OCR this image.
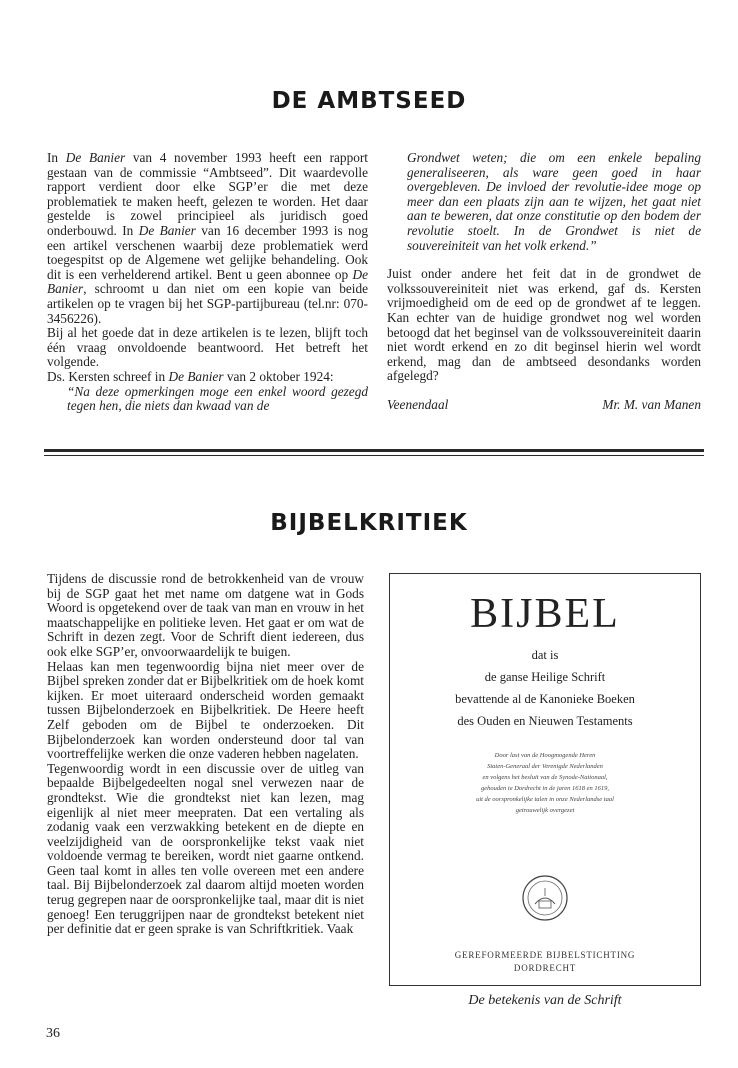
DE AMBTSEED

In De Banier van 4 november 1993 heeft een rapport gestaan van de commissie “Ambtseed”. Dit waardevolle rapport verdient door elke SGP’er die met deze problematiek te maken heeft, gelezen te worden. Het daar gestelde is zowel principieel als juridisch goed onderbouwd. In De Banier van 16 december 1993 is nog een artikel verschenen waarbij deze problematiek werd toegespitst op de Algemene wet gelijke behandeling. Ook dit is een verhelderend artikel. Bent u geen abonnee op De Banier, schroomt u dan niet om een kopie van beide artikelen op te vragen bij het SGP-partijbureau (tel.nr: 070-3456226).

Bij al het goede dat in deze artikelen is te lezen, blijft toch één vraag onvoldoende beantwoord. Het betreft het volgende.

Ds. Kersten schreef in De Banier van 2 oktober 1924:

“Na deze opmerkingen moge een enkel woord gezegd tegen hen, die niets dan kwaad van de

Grondwet weten; die om een enkele bepaling generaliseeren, als ware geen goed in haar overgebleven. De invloed der revolutie-idee moge op meer dan een plaats zijn aan te wijzen, het gaat niet aan te beweren, dat onze constitutie op den bodem der revolutie stoelt. In de Grondwet is niet de souvereiniteit van het volk erkend.”

Juist onder andere het feit dat in de grondwet de volkssouvereiniteit niet was erkend, gaf ds. Kersten vrijmoedigheid om de eed op de grondwet af te leggen. Kan echter van de huidige grondwet nog wel worden betoogd dat het beginsel van de volkssouvereiniteit daarin niet wordt erkend en zo dit beginsel hierin wel wordt erkend, mag dan de ambtseed desondanks worden afgelegd?

Veenendaal	Mr. M. van Manen
BIJBELKRITIEK

Tijdens de discussie rond de betrokkenheid van de vrouw bij de SGP gaat het met name om datgene wat in Gods Woord is opgetekend over de taak van man en vrouw in het maatschappelijke en politieke leven. Het gaat er om wat de Schrift in dezen zegt. Voor de Schrift dient iedereen, dus ook elke SGP’er, onvoorwaardelijk te buigen.

Helaas kan men tegenwoordig bijna niet meer over de Bijbel spreken zonder dat er Bijbelkritiek om de hoek komt kijken. Er moet uiteraard onderscheid worden gemaakt tussen Bijbelonderzoek en Bijbelkritiek. De Heere heeft Zelf geboden om de Bijbel te onderzoeken. Dit Bijbelonderzoek kan worden ondersteund door tal van voortreffelijke werken die onze vaderen hebben nagelaten.

Tegenwoordig wordt in een discussie over de uitleg van bepaalde Bijbelgedeelten nogal snel verwezen naar de grondtekst. Wie die grondtekst niet kan lezen, mag eigenlijk al niet meer meepraten. Dat een vertaling als zodanig vaak een verzwakking betekent en de diepte en veelzijdigheid van de oorspronkelijke tekst vaak niet voldoende vermag te bereiken, wordt niet gaarne ontkend. Geen taal komt in alles ten volle overeen met een andere taal. Bij Bijbelonderzoek zal daarom altijd moeten worden terug gegrepen naar de oorspronkelijke taal, maar dit is niet genoeg! Een teruggrijpen naar de grondtekst betekent niet per definitie dat er geen sprake is van Schriftkritiek. Vaak

BIJBEL
dat is
de ganse Heilige Schrift
bevattende al de Kanonieke Boeken
des Ouden en Nieuwen Testaments
Door last van de Hoogmogende Heren
Staten-Generaal der Verenigde Nederlanden
en volgens het besluit van de Synode-Nationaal,
gehouden te Dordrecht in de jaren 1618 en 1619,
uit de oorspronkelijke talen in onze Nederlandse taal
getrouwelijk overgezet
GEREFORMEERDE BIJBELSTICHTING
DORDRECHT
De betekenis van de Schrift
36
